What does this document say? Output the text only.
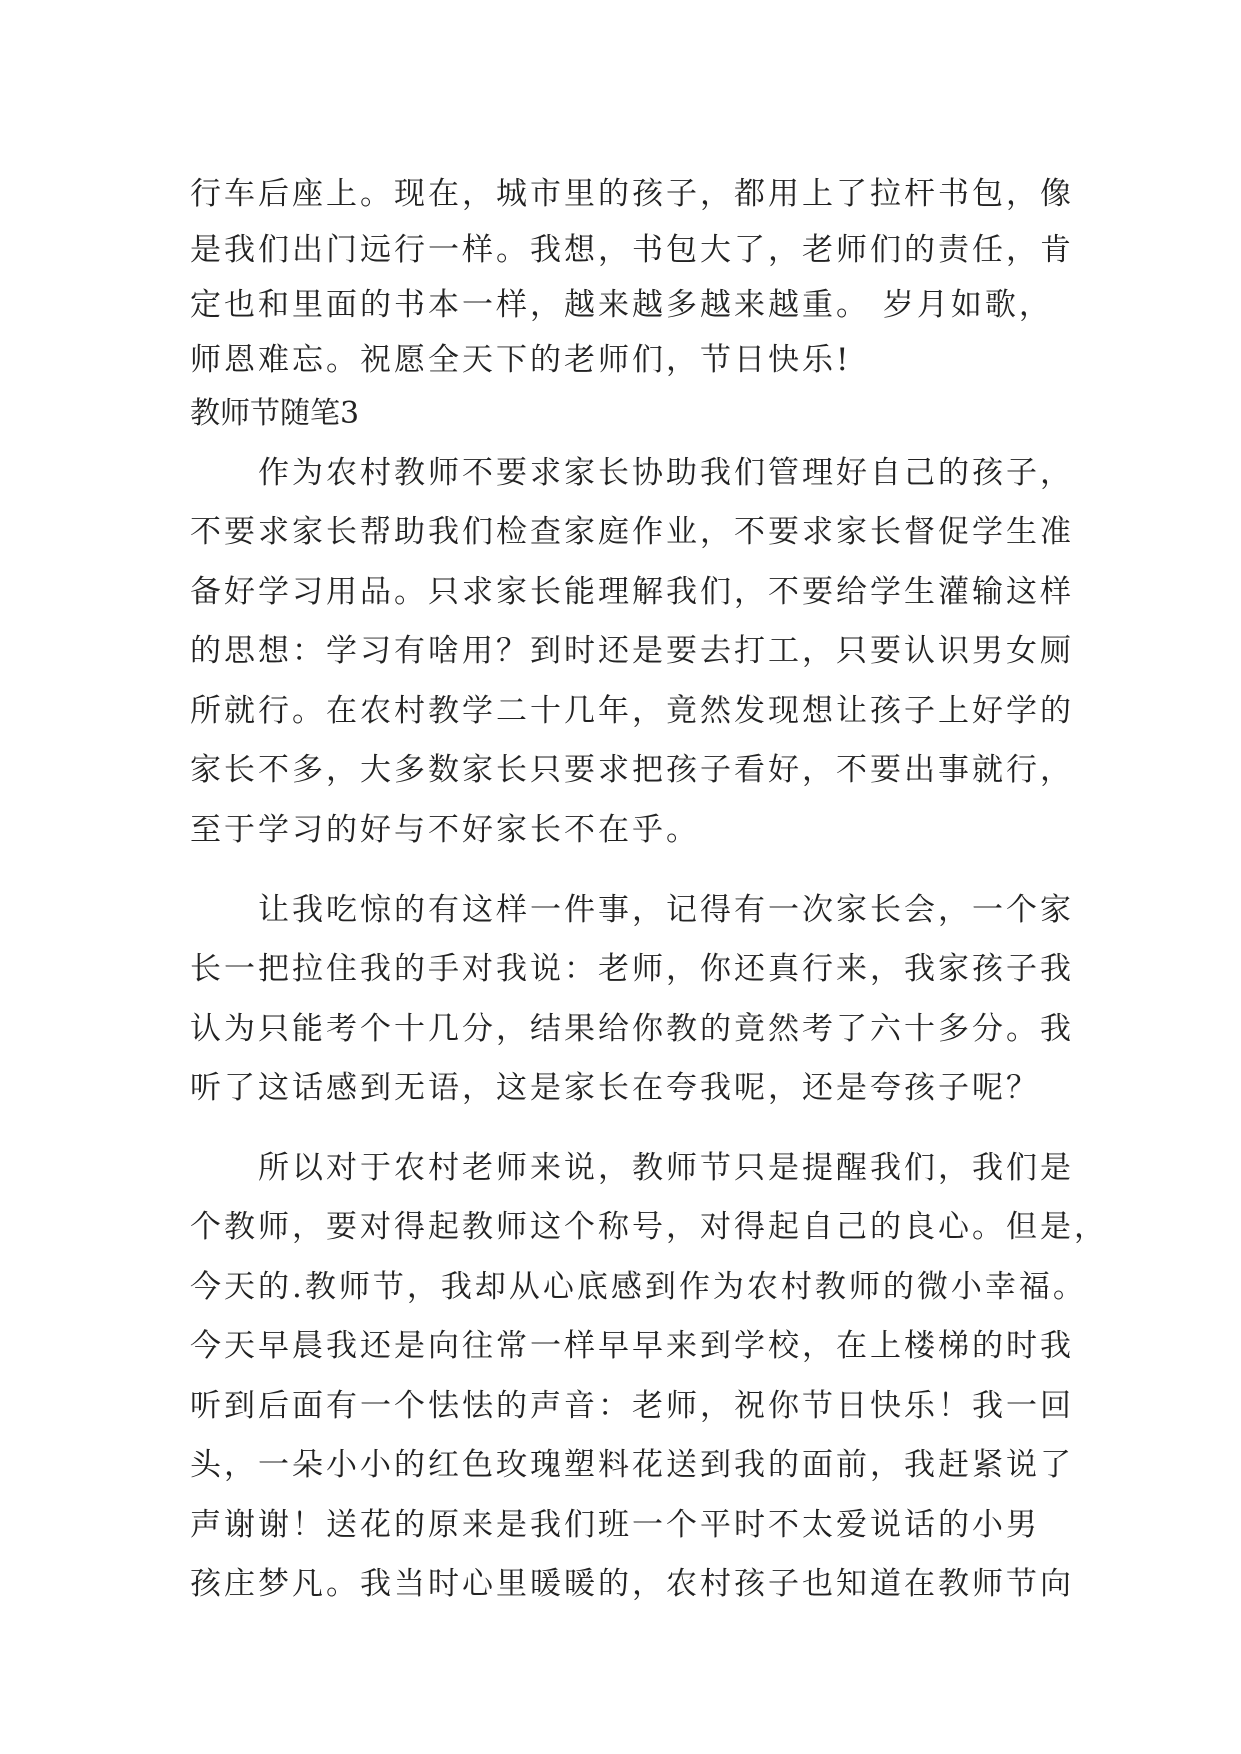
行车后座上。现在，城市里的孩子，都用上了拉杆书包，像

是我们出门远行一样。我想，书包大了，老师们的责任，肯

定也和里面的书本一样，越来越多越来越重。 岁月如歌，

师恩难忘。祝愿全天下的老师们，节日快乐!

教师节随笔3

　　作为农村教师不要求家长协助我们管理好自己的孩子，

不要求家长帮助我们检查家庭作业，不要求家长督促学生准

备好学习用品。只求家长能理解我们，不要给学生灌输这样

的思想：学习有啥用？到时还是要去打工，只要认识男女厕

所就行。在农村教学二十几年，竟然发现想让孩子上好学的

家长不多，大多数家长只要求把孩子看好，不要出事就行，

至于学习的好与不好家长不在乎。

　　让我吃惊的有这样一件事，记得有一次家长会，一个家

长一把拉住我的手对我说：老师，你还真行来，我家孩子我

认为只能考个十几分，结果给你教的竟然考了六十多分。我

听了这话感到无语，这是家长在夸我呢，还是夸孩子呢？

　　所以对于农村老师来说，教师节只是提醒我们，我们是

个教师，要对得起教师这个称号，对得起自己的良心。但是，

今天的.教师节，我却从心底感到作为农村教师的微小幸福。

今天早晨我还是向往常一样早早来到学校，在上楼梯的时我

听到后面有一个怯怯的声音：老师，祝你节日快乐！我一回

头，一朵小小的红色玫瑰塑料花送到我的面前，我赶紧说了

声谢谢！送花的原来是我们班一个平时不太爱说话的小男

孩庄梦凡。我当时心里暖暖的，农村孩子也知道在教师节向
